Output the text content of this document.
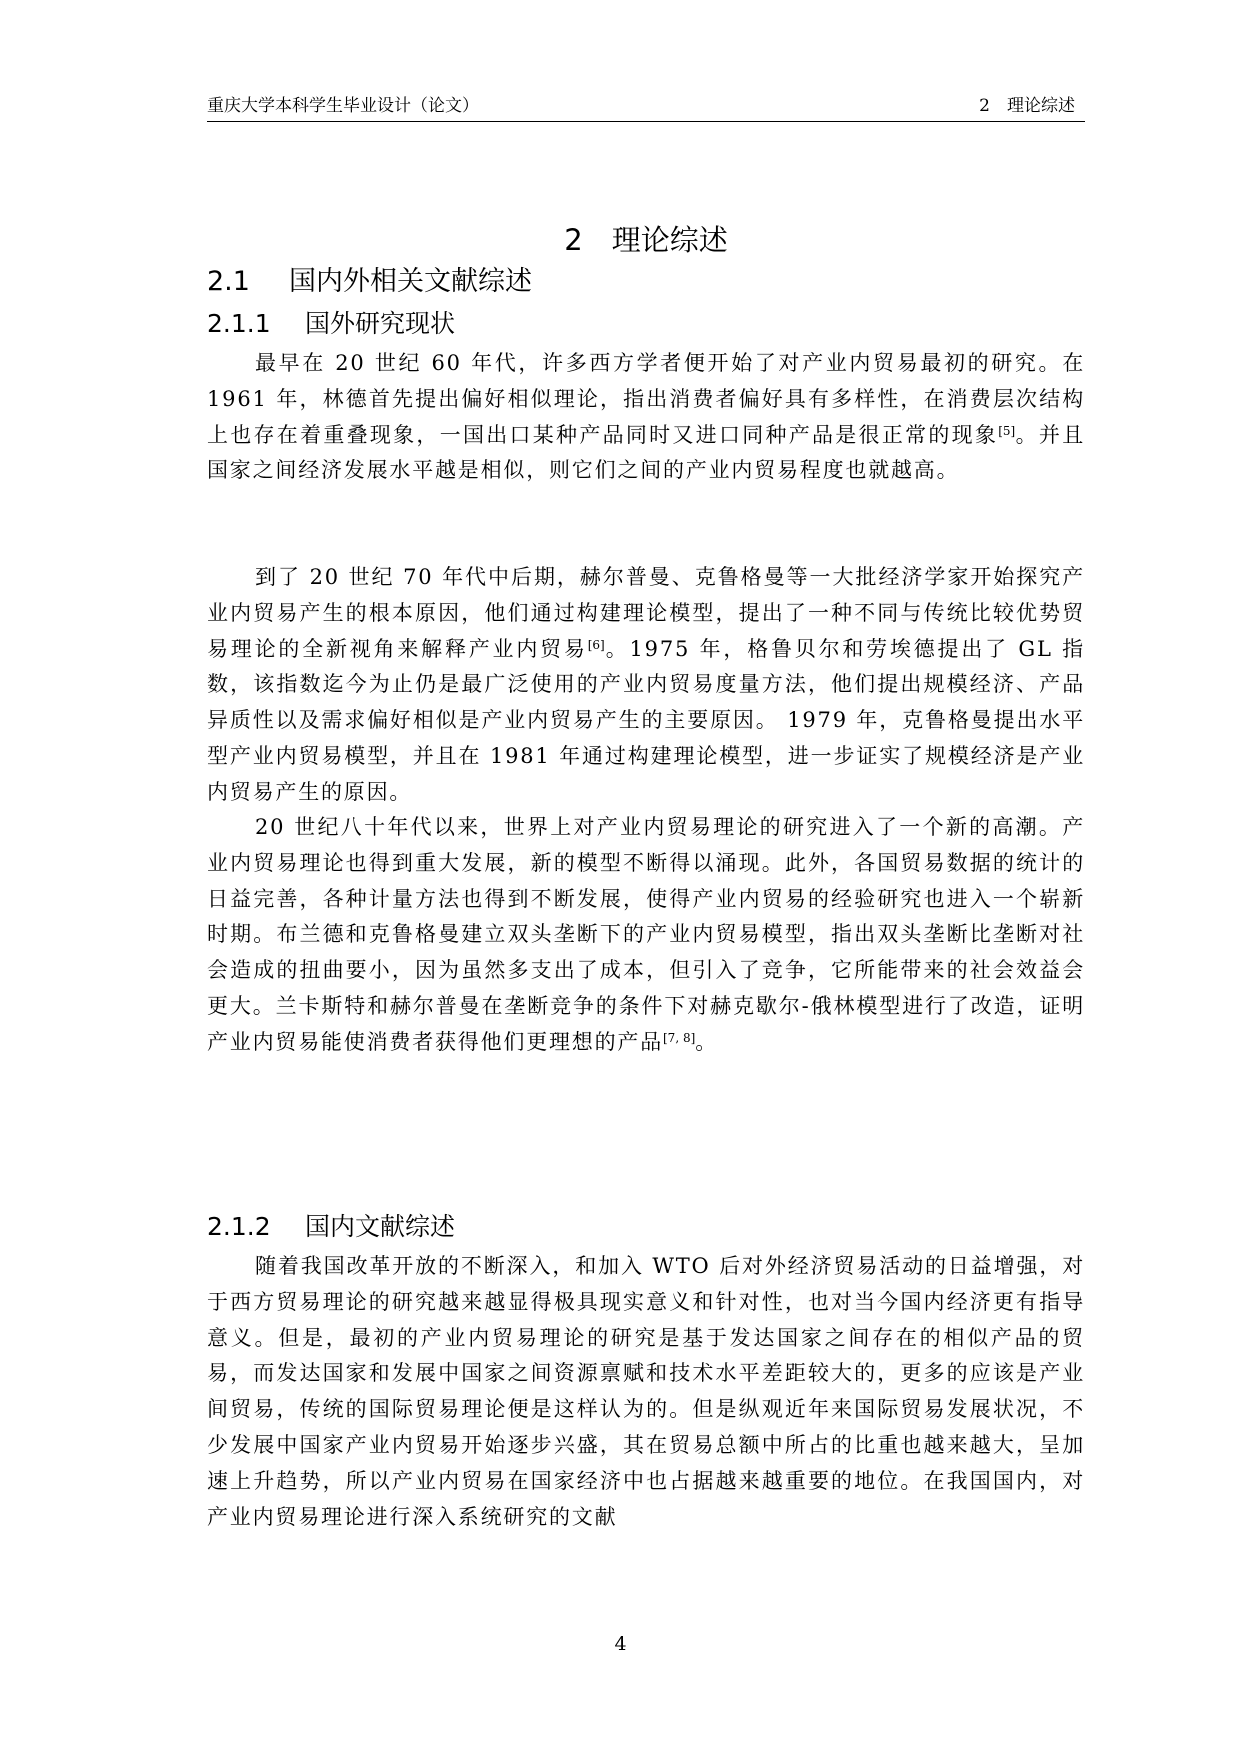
重庆大学本科学生毕业设计（论文）	2　理论综述
2　理论综述
2.1 国内外相关文献综述
2.1.1 国外研究现状

最早在 20 世纪 60 年代，许多西方学者便开始了对产业内贸易最初的研究。在 1961 年，林德首先提出偏好相似理论，指出消费者偏好具有多样性，在消费层次结构上也存在着重叠现象，一国出口某种产品同时又进口同种产品是很正常的现象[5]。并且国家之间经济发展水平越是相似，则它们之间的产业内贸易程度也就越高。

到了 20 世纪 70 年代中后期，赫尔普曼、克鲁格曼等一大批经济学家开始探究产业内贸易产生的根本原因，他们通过构建理论模型，提出了一种不同与传统比较优势贸易理论的全新视角来解释产业内贸易[6]。1975 年，格鲁贝尔和劳埃德提出了 GL 指数，该指数迄今为止仍是最广泛使用的产业内贸易度量方法，他们提出规模经济、产品异质性以及需求偏好相似是产业内贸易产生的主要原因。 1979 年，克鲁格曼提出水平型产业内贸易模型，并且在 1981 年通过构建理论模型，进一步证实了规模经济是产业内贸易产生的原因。

20 世纪八十年代以来，世界上对产业内贸易理论的研究进入了一个新的高潮。产业内贸易理论也得到重大发展，新的模型不断得以涌现。此外，各国贸易数据的统计的日益完善，各种计量方法也得到不断发展，使得产业内贸易的经验研究也进入一个崭新时期。布兰德和克鲁格曼建立双头垄断下的产业内贸易模型，指出双头垄断比垄断对社会造成的扭曲要小，因为虽然多支出了成本，但引入了竞争，它所能带来的社会效益会更大。兰卡斯特和赫尔普曼在垄断竞争的条件下对赫克歇尔-俄林模型进行了改造，证明产业内贸易能使消费者获得他们更理想的产品[7, 8]。

2.1.2 国内文献综述

随着我国改革开放的不断深入，和加入 WTO 后对外经济贸易活动的日益增强，对于西方贸易理论的研究越来越显得极具现实意义和针对性，也对当今国内经济更有指导意义。但是，最初的产业内贸易理论的研究是基于发达国家之间存在的相似产品的贸易，而发达国家和发展中国家之间资源禀赋和技术水平差距较大的，更多的应该是产业间贸易，传统的国际贸易理论便是这样认为的。但是纵观近年来国际贸易发展状况，不少发展中国家产业内贸易开始逐步兴盛，其在贸易总额中所占的比重也越来越大，呈加速上升趋势，所以产业内贸易在国家经济中也占据越来越重要的地位。在我国国内，对产业内贸易理论进行深入系统研究的文献

4
